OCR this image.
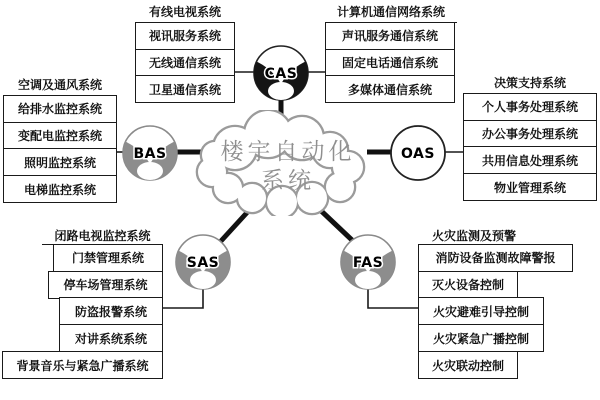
楼宇自动化
系统
CAS
BAS	OAS
SAS	FAS
有线电视系统
视讯服务系统
无线通信系统
卫星通信系统
计算机通信网络系统
声讯服务通信系统
固定电话通信系统
多媒体通信系统
空调及通风系统
给排水监控系统
变配电监控系统
照明监控系统
电梯监控系统
决策支持系统
个人事务处理系统
办公事务处理系统
共用信息处理系统
物业管理系统
闭路电视监控系统
门禁管理系统
停车场管理系统
防盗报警系统
对讲系统系统
背景音乐与紧急广播系统
火灾监测及预警
消防设备监测故障警报
灭火设备控制
火灾避难引导控制
火灾紧急广播控制
火灾联动控制
